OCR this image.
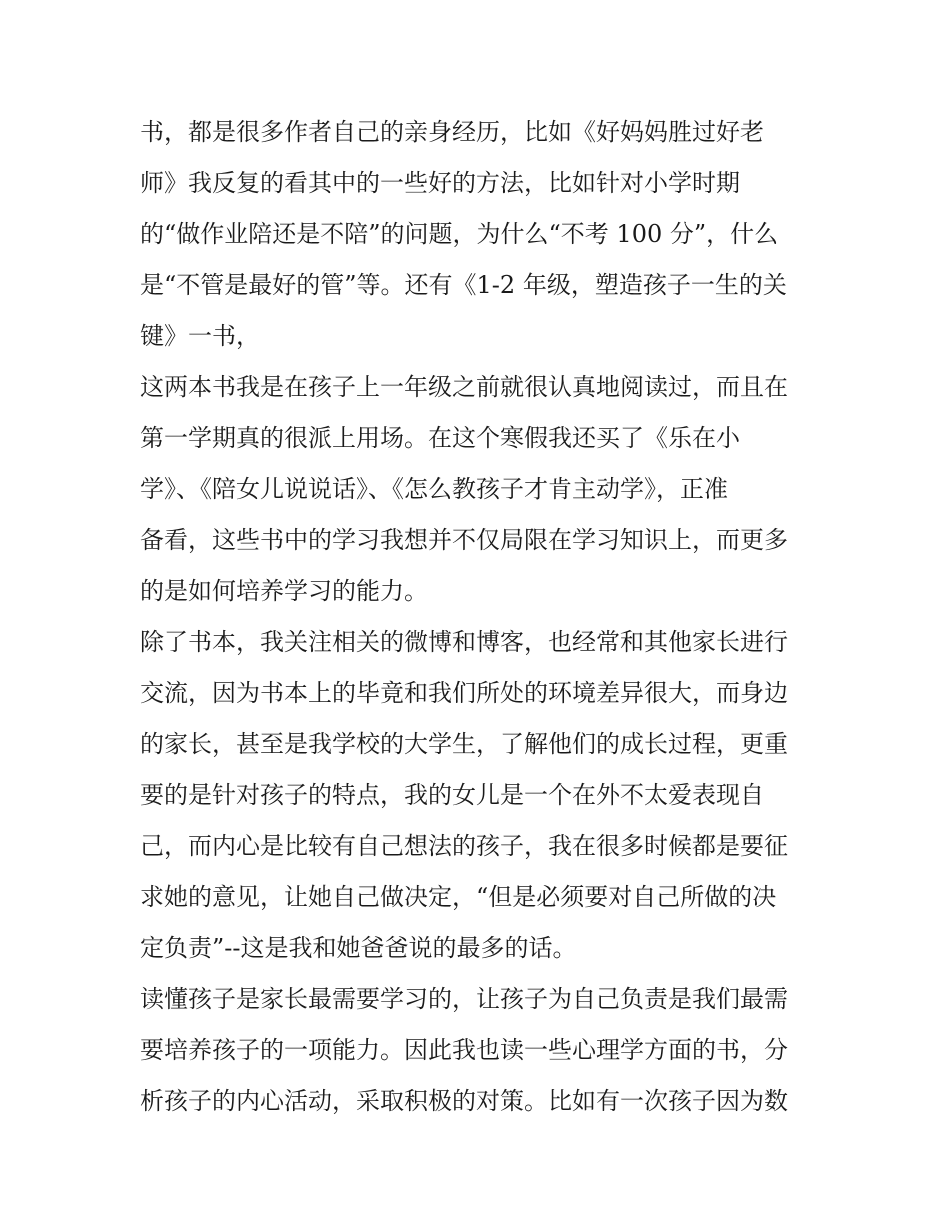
书，都是很多作者自己的亲身经历，比如《好妈妈胜过好老
师》我反复的看其中的一些好的方法，比如针对小学时期
的“做作业陪还是不陪”的问题，为什么“不考 100 分”，什么
是“不管是最好的管”等。还有《1-2 年级，塑造孩子一生的关
键》一书，
这两本书我是在孩子上一年级之前就很认真地阅读过，而且在
第一学期真的很派上用场。在这个寒假我还买了《乐在小
学》、《陪女儿说说话》、《怎么教孩子才肯主动学》，正准
备看，这些书中的学习我想并不仅局限在学习知识上，而更多
的是如何培养学习的能力。
除了书本，我关注相关的微博和博客，也经常和其他家长进行
交流，因为书本上的毕竟和我们所处的环境差异很大，而身边
的家长，甚至是我学校的大学生，了解他们的成长过程，更重
要的是针对孩子的特点，我的女儿是一个在外不太爱表现自
己，而内心是比较有自己想法的孩子，我在很多时候都是要征
求她的意见，让她自己做决定，“但是必须要对自己所做的决
定负责”--这是我和她爸爸说的最多的话。
读懂孩子是家长最需要学习的，让孩子为自己负责是我们最需
要培养孩子的一项能力。因此我也读一些心理学方面的书，分
析孩子的内心活动，采取积极的对策。比如有一次孩子因为数
